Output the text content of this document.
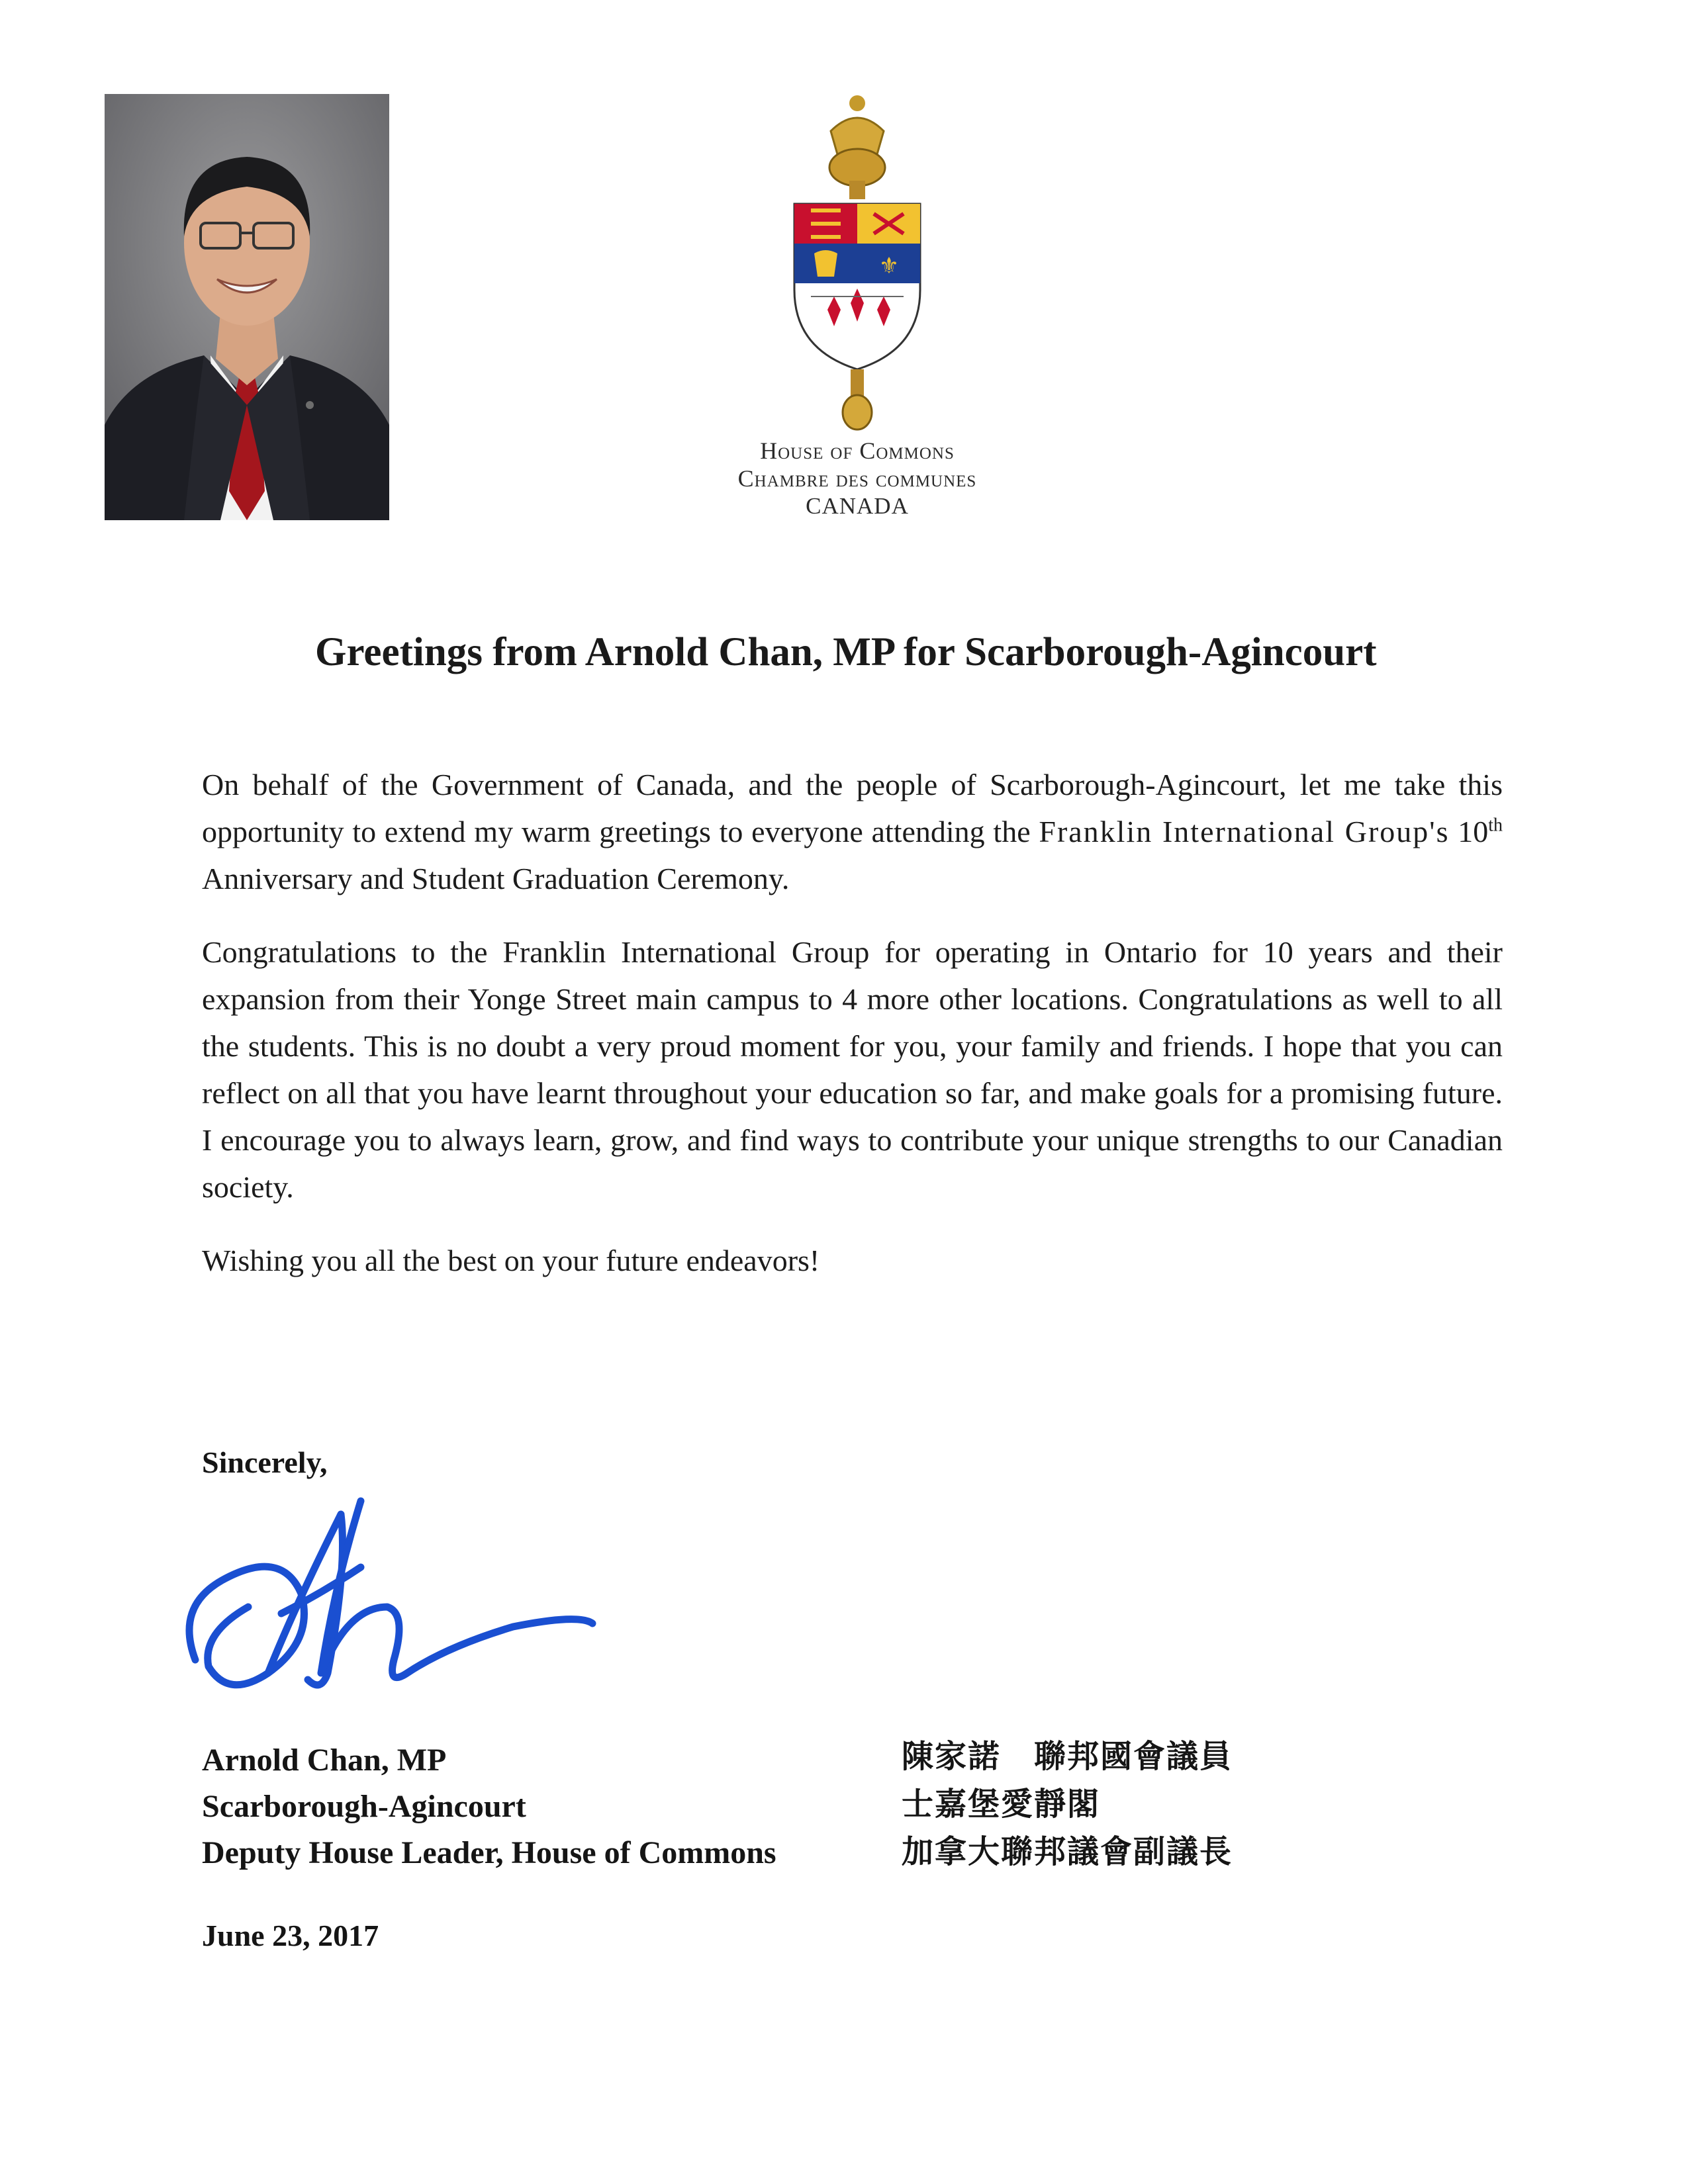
⚜
House of Commons
Chambre des communes
CANADA
Greetings from Arnold Chan, MP for Scarborough-Agincourt

On behalf of the Government of Canada, and the people of Scarborough-Agincourt, let me take this opportunity to extend my warm greetings to everyone attending the Franklin International Group's 10th Anniversary and Student Graduation Ceremony.

Congratulations to the Franklin International Group for operating in Ontario for 10 years and their expansion from their Yonge Street main campus to 4 more other locations. Congratulations as well to all the students. This is no doubt a very proud moment for you, your family and friends. I hope that you can reflect on all that you have learnt throughout your education so far, and make goals for a promising future. I encourage you to always learn, grow, and find ways to contribute your unique strengths to our Canadian society.

Wishing you all the best on your future endeavors!

Sincerely,
Arnold Chan, MP
Scarborough-Agincourt
Deputy House Leader, House of Commons
陳家諾　聯邦國會議員
士嘉堡愛靜閣
加拿大聯邦議會副議長
June 23, 2017
